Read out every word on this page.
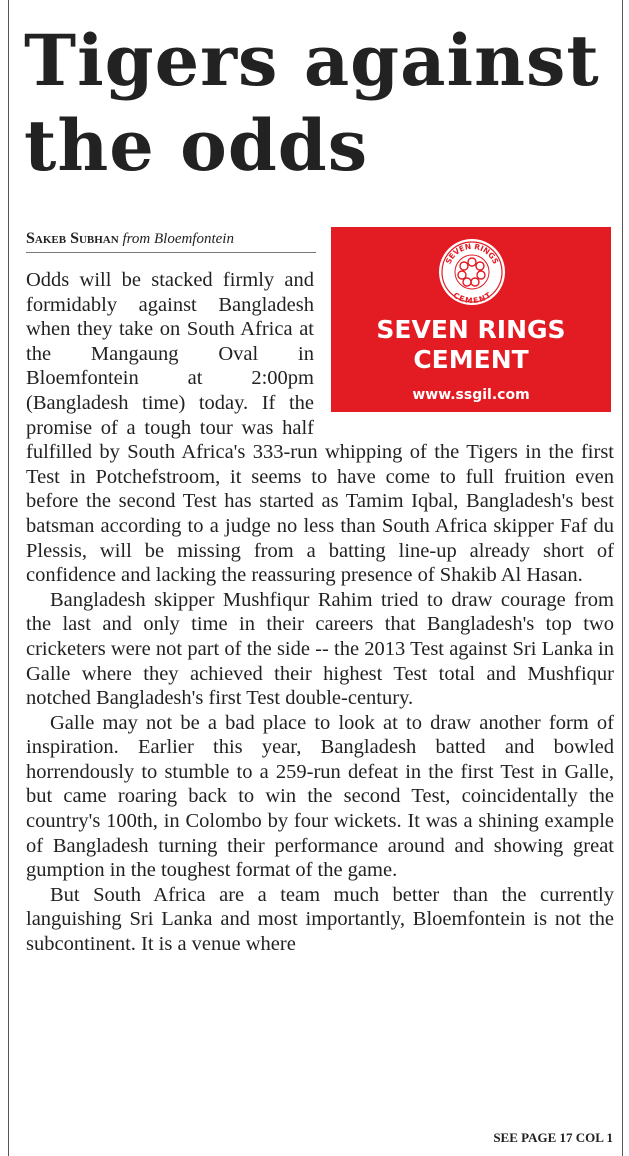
Tigers against the odds
Sakeb Subhan from Bloemfontein
SEVEN RINGS
CEMENT
SEVEN RINGS
CEMENT
www.ssgil.com

Odds will be stacked firmly and formidably against Bangladesh when they take on South Africa at the Mangaung Oval in Bloemfontein at 2:00pm (Bangladesh time) today. If the promise of a tough tour was half fulfilled by South Africa's 333-run whipping of the Tigers in the first Test in Potchefstroom, it seems to have come to full fruition even before the second Test has started as Tamim Iqbal, Bangladesh's best batsman according to a judge no less than South Africa skipper Faf du Plessis, will be missing from a batting line-up already short of confidence and lacking the reassuring presence of Shakib Al Hasan.

Bangladesh skipper Mushfiqur Rahim tried to draw courage from the last and only time in their careers that Bangladesh's top two cricketers were not part of the side -- the 2013 Test against Sri Lanka in Galle where they achieved their highest Test total and Mushfiqur notched Bangladesh's first Test double-century.

Galle may not be a bad place to look at to draw another form of inspiration. Earlier this year, Bangladesh batted and bowled horrendously to stumble to a 259-run defeat in the first Test in Galle, but came roaring back to win the second Test, coincidentally the country's 100th, in Colombo by four wickets. It was a shining example of Bangladesh turning their performance around and showing great gumption in the toughest format of the game.

But South Africa are a team much better than the currently languishing Sri Lanka and most importantly, Bloemfontein is not the subcontinent. It is a venue where

SEE PAGE 17 COL 1
